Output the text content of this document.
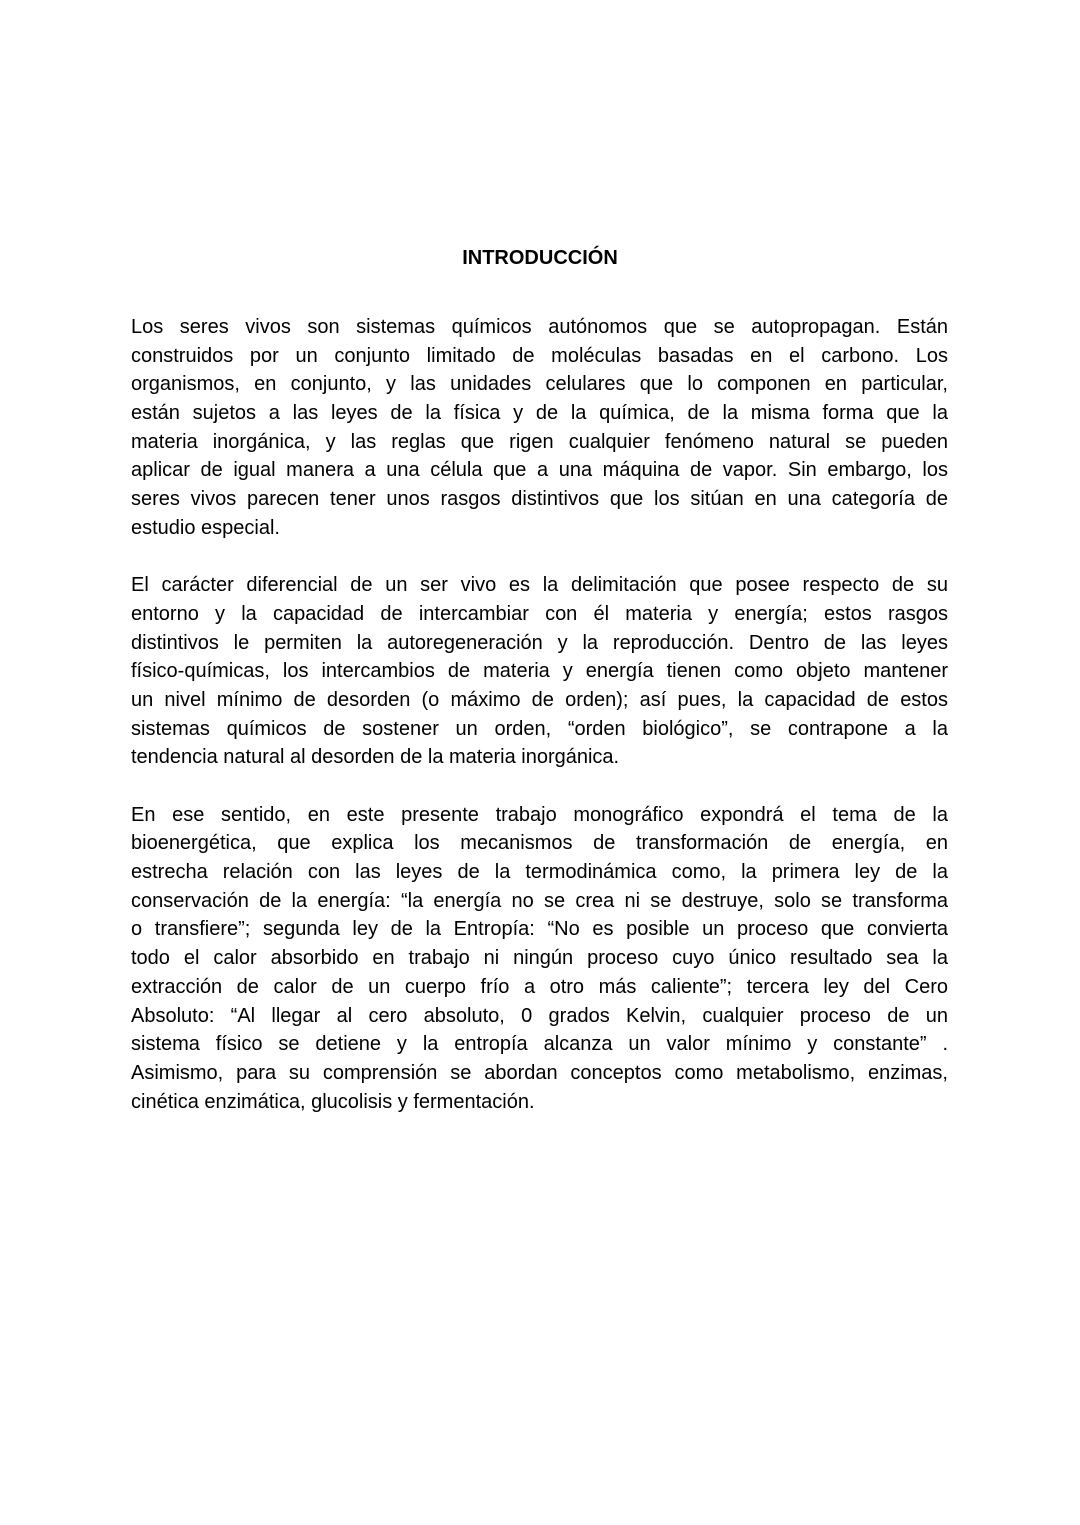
INTRODUCCIÓN
Los seres vivos son sistemas químicos autónomos que se autopropagan. Están
construidos por un conjunto limitado de moléculas basadas en el carbono. Los
organismos, en conjunto, y las unidades celulares que lo componen en particular,
están sujetos a las leyes de la física y de la química, de la misma forma que la
materia inorgánica, y las reglas que rigen cualquier fenómeno natural se pueden
aplicar de igual manera a una célula que a una máquina de vapor. Sin embargo, los
seres vivos parecen tener unos rasgos distintivos que los sitúan en una categoría de
estudio especial.
El carácter diferencial de un ser vivo es la delimitación que posee respecto de su
entorno y la capacidad de intercambiar con él materia y energía; estos rasgos
distintivos le permiten la autoregeneración y la reproducción. Dentro de las leyes
físico-químicas, los intercambios de materia y energía tienen como objeto mantener
un nivel mínimo de desorden (o máximo de orden); así pues, la capacidad de estos
sistemas químicos de sostener un orden, “orden biológico”, se contrapone a la
tendencia natural al desorden de la materia inorgánica.
En ese sentido, en este presente trabajo monográfico expondrá el tema de la
bioenergética, que explica los mecanismos de transformación de energía, en
estrecha relación con las leyes de la termodinámica como, la primera ley de la
conservación de la energía: “la energía no se crea ni se destruye, solo se transforma
o transfiere”; segunda ley de la Entropía: “No es posible un proceso que convierta
todo el calor absorbido en trabajo ni ningún proceso cuyo único resultado sea la
extracción de calor de un cuerpo frío a otro más caliente”; tercera ley del Cero
Absoluto: “Al llegar al cero absoluto, 0 grados Kelvin, cualquier proceso de un
sistema físico se detiene y la entropía alcanza un valor mínimo y constante” .
Asimismo, para su comprensión se abordan conceptos como metabolismo, enzimas,
cinética enzimática, glucolisis y fermentación.
